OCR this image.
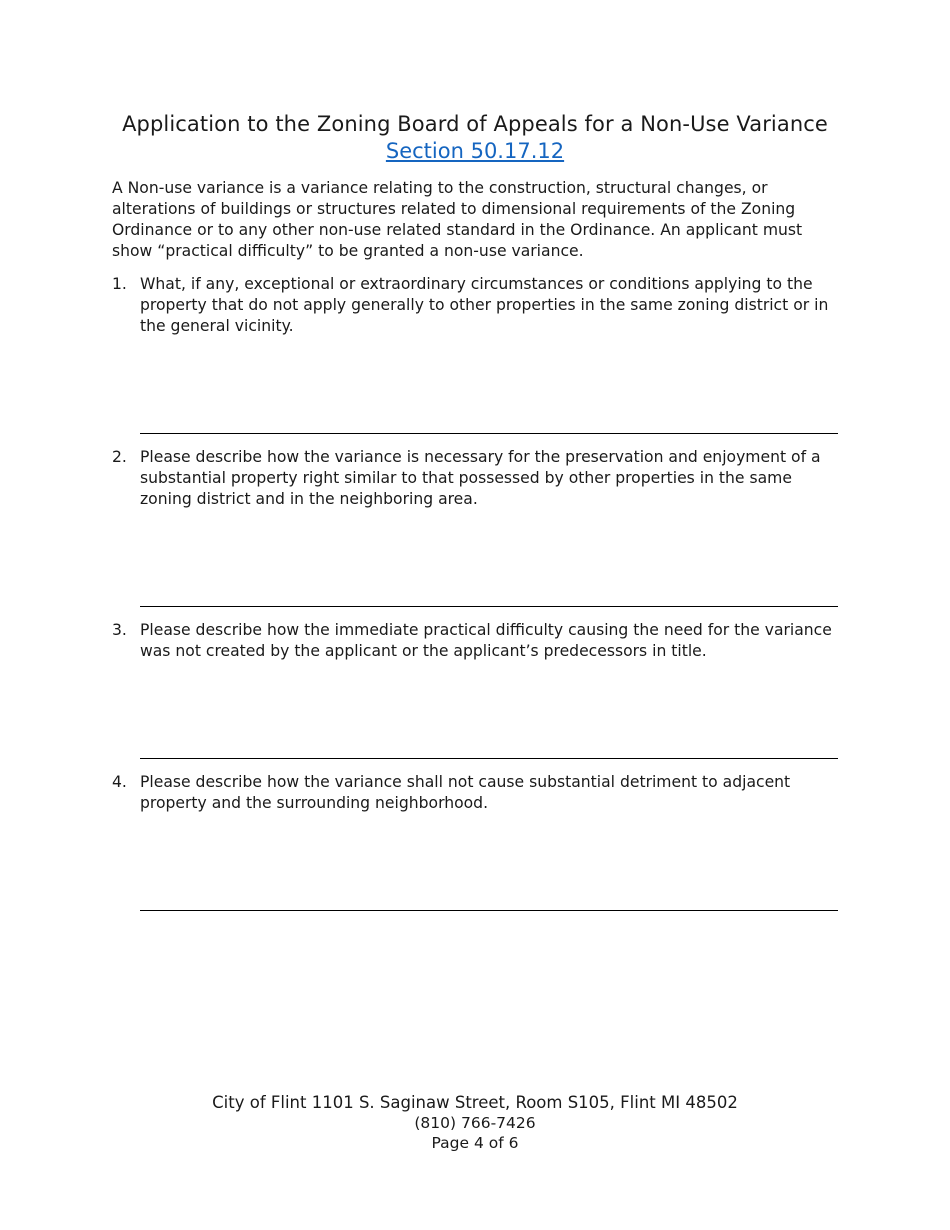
Application to the Zoning Board of Appeals for a Non-Use Variance
Section 50.17.12
A Non-use variance is a variance relating to the construction, structural changes, or alterations of buildings or structures related to dimensional requirements of the Zoning Ordinance or to any other non-use related standard in the Ordinance. An applicant must show “practical difficulty” to be granted a non-use variance.
1. What, if any, exceptional or extraordinary circumstances or conditions applying to the property that do not apply generally to other properties in the same zoning district or in the general vicinity.
2. Please describe how the variance is necessary for the preservation and enjoyment of a substantial property right similar to that possessed by other properties in the same zoning district and in the neighboring area.
3. Please describe how the immediate practical difficulty causing the need for the variance was not created by the applicant or the applicant’s predecessors in title.
4. Please describe how the variance shall not cause substantial detriment to adjacent property and the surrounding neighborhood.
City of Flint 1101 S. Saginaw Street, Room S105, Flint MI 48502
(810) 766-7426
Page 4 of 6
